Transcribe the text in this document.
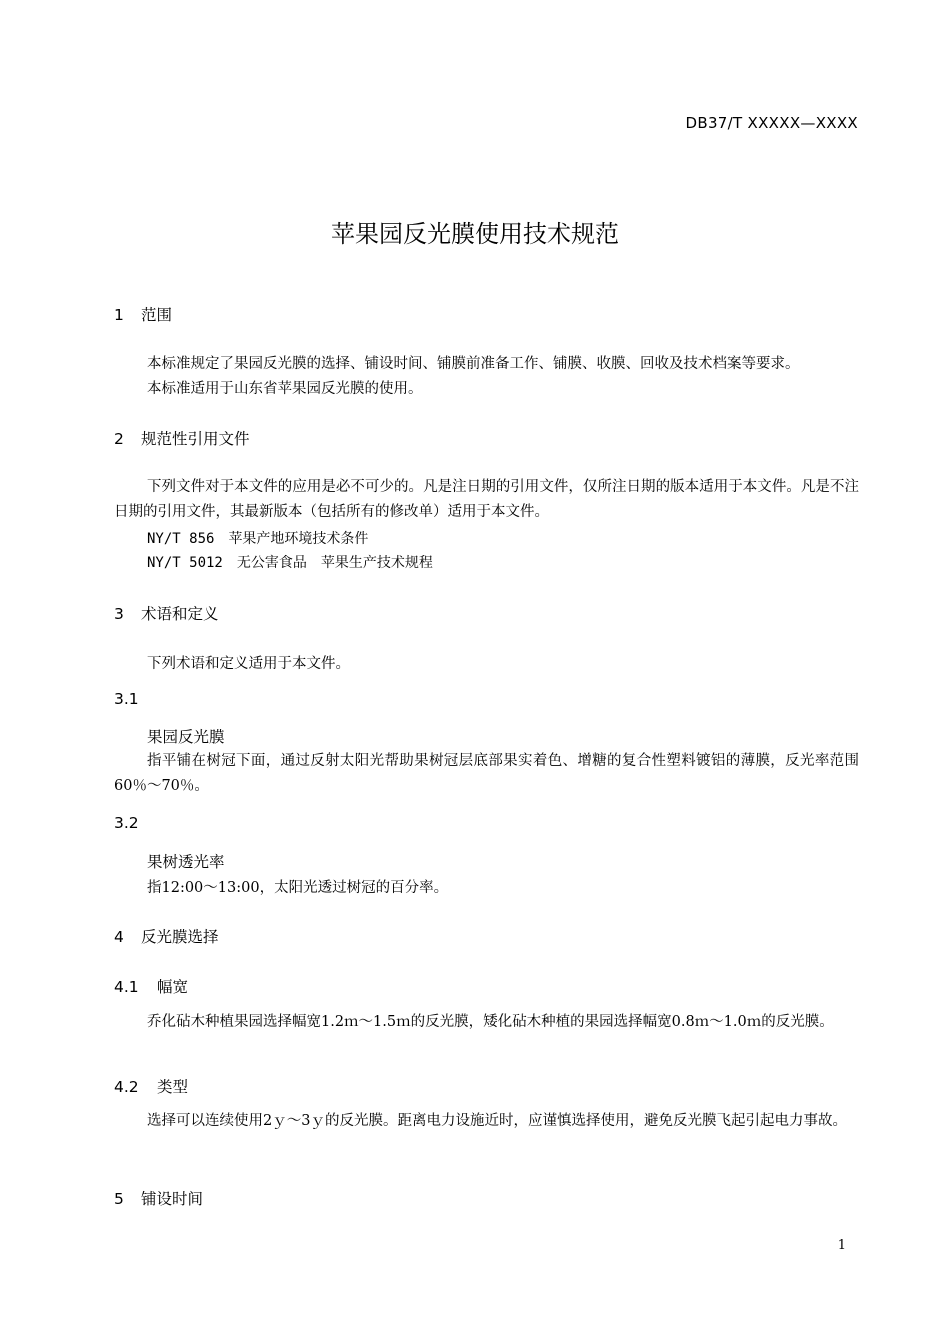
DB37/T XXXXX—XXXX
苹果园反光膜使用技术规范
1 范围
本标准规定了果园反光膜的选择、铺设时间、铺膜前准备工作、铺膜、收膜、回收及技术档案等要求。
本标准适用于山东省苹果园反光膜的使用。
2 规范性引用文件
下列文件对于本文件的应用是必不可少的。凡是注日期的引用文件，仅所注日期的版本适用于本文件。凡是不注日期的引用文件，其最新版本（包括所有的修改单）适用于本文件。
NY/T 856　 苹果产地环境技术条件
NY/T 5012　 无公害食品　苹果生产技术规程
3 术语和定义
下列术语和定义适用于本文件。
3.1
果园反光膜
指平铺在树冠下面，通过反射太阳光帮助果树冠层底部果实着色、增糖的复合性塑料镀铝的薄膜，反光率范围60％～70％。
3.2
果树透光率
指12:00～13:00，太阳光透过树冠的百分率。
4 反光膜选择
4.1 幅宽
乔化砧木种植果园选择幅宽1.2ｍ～1.5ｍ的反光膜，矮化砧木种植的果园选择幅宽0.8ｍ～1.0ｍ的反光膜。
4.2 类型
选择可以连续使用2ｙ～3ｙ的反光膜。距离电力设施近时，应谨慎选择使用，避免反光膜飞起引起电力事故。
5 铺设时间
1
